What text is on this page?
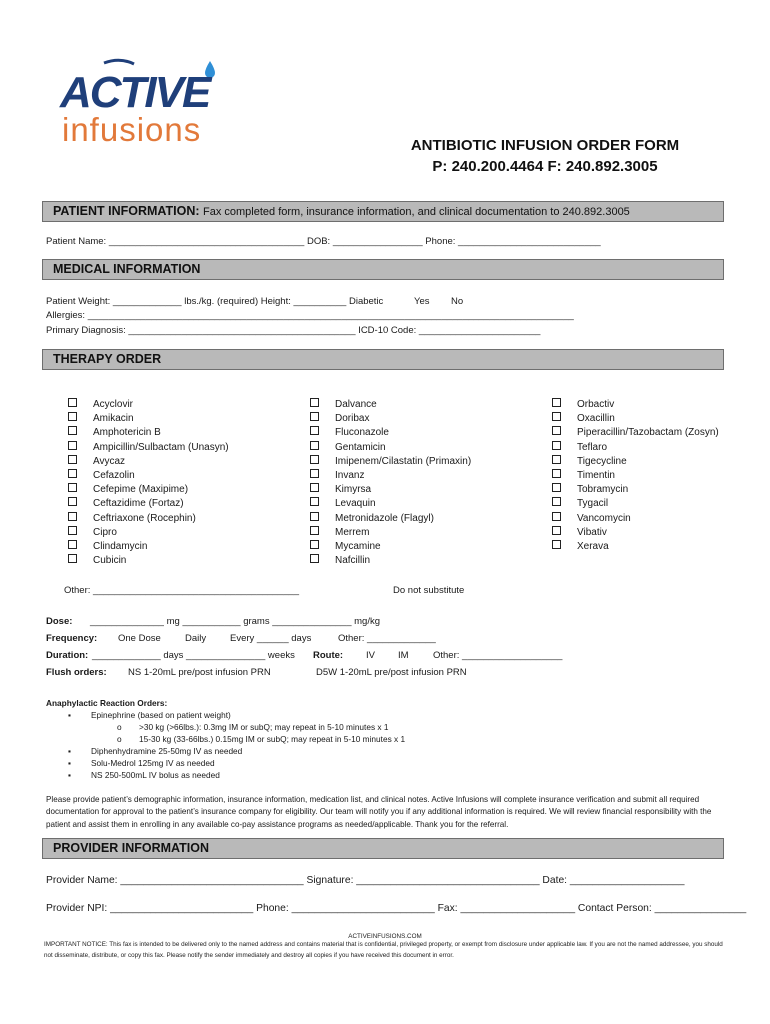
ACTIVE
infusions	ANTIBIOTIC INFUSION ORDER FORM
P: 240.200.4464 F: 240.892.3005
PATIENT INFORMATION: Fax completed form, insurance information, and clinical documentation to 240.892.3005
Patient Name: _____________________________________ DOB: _________________ Phone: ___________________________
MEDICAL INFORMATION
Patient Weight: _____________ lbs./kg. (required) Height: __________ Diabetic	Yes No
Allergies: ____________________________________________________________________________________________
Primary Diagnosis: ___________________________________________ ICD-10 Code: _______________________
THERAPY ORDER
Acyclovir
Amikacin
Amphotericin B
Ampicillin/Sulbactam (Unasyn)
Avycaz
Cefazolin
Cefepime (Maxipime)
Ceftazidime (Fortaz)
Ceftriaxone (Rocephin)
Cipro
Clindamycin
Cubicin
Dalvance
Doribax
Fluconazole
Gentamicin
Imipenem/Cilastatin (Primaxin)
Invanz
Kimyrsa
Levaquin
Metronidazole (Flagyl)
Merrem
Mycamine
Nafcillin
Orbactiv
Oxacillin
Piperacillin/Tazobactam (Zosyn)
Teflaro
Tigecycline
Timentin
Tobramycin
Tygacil
Vancomycin
Vibativ
Xerava
Other: _______________________________________	Do not substitute
Dose: ______________ mg ___________ grams _______________ mg/kg
Frequency: One Dose	Daily	Every ______ days	Other: _____________
Duration: _____________ days _______________ weeks Route: IV IM	Other: ___________________
Flush orders: NS 1-20mL pre/post infusion PRN	D5W 1-20mL pre/post infusion PRN
Anaphylactic Reaction Orders:
▪ Epinephrine (based on patient weight)
o >30 kg (>66lbs.): 0.3mg IM or subQ; may repeat in 5-10 minutes x 1
o 15-30 kg (33-66lbs.) 0.15mg IM or subQ; may repeat in 5-10 minutes x 1
▪ Diphenhydramine 25-50mg IV as needed
▪ Solu-Medrol 125mg IV as needed
▪ NS 250-500mL IV bolus as needed
Please provide patient’s demographic information, insurance information, medication list, and clinical notes. Active Infusions will complete insurance verification and submit all required documentation for approval to the patient’s insurance company for eligibility. Our team will notify you if any additional information is required. We will review financial responsibility with the patient and assist them in enrolling in any available co-pay assistance programs as needed/applicable. Thank you for the referral.
PROVIDER INFORMATION
Provider Name: ________________________________ Signature: ________________________________ Date: ____________________
Provider NPI: _________________________ Phone: _________________________ Fax: ____________________ Contact Person: ________________
ACTIVEINFUSIONS.COM
IMPORTANT NOTICE: This fax is intended to be delivered only to the named address and contains material that is confidential, privileged property, or exempt from disclosure under applicable law. If you are not the named addressee, you should not disseminate, distribute, or copy this fax. Please notify the sender immediately and destroy all copies if you have received this document in error.
